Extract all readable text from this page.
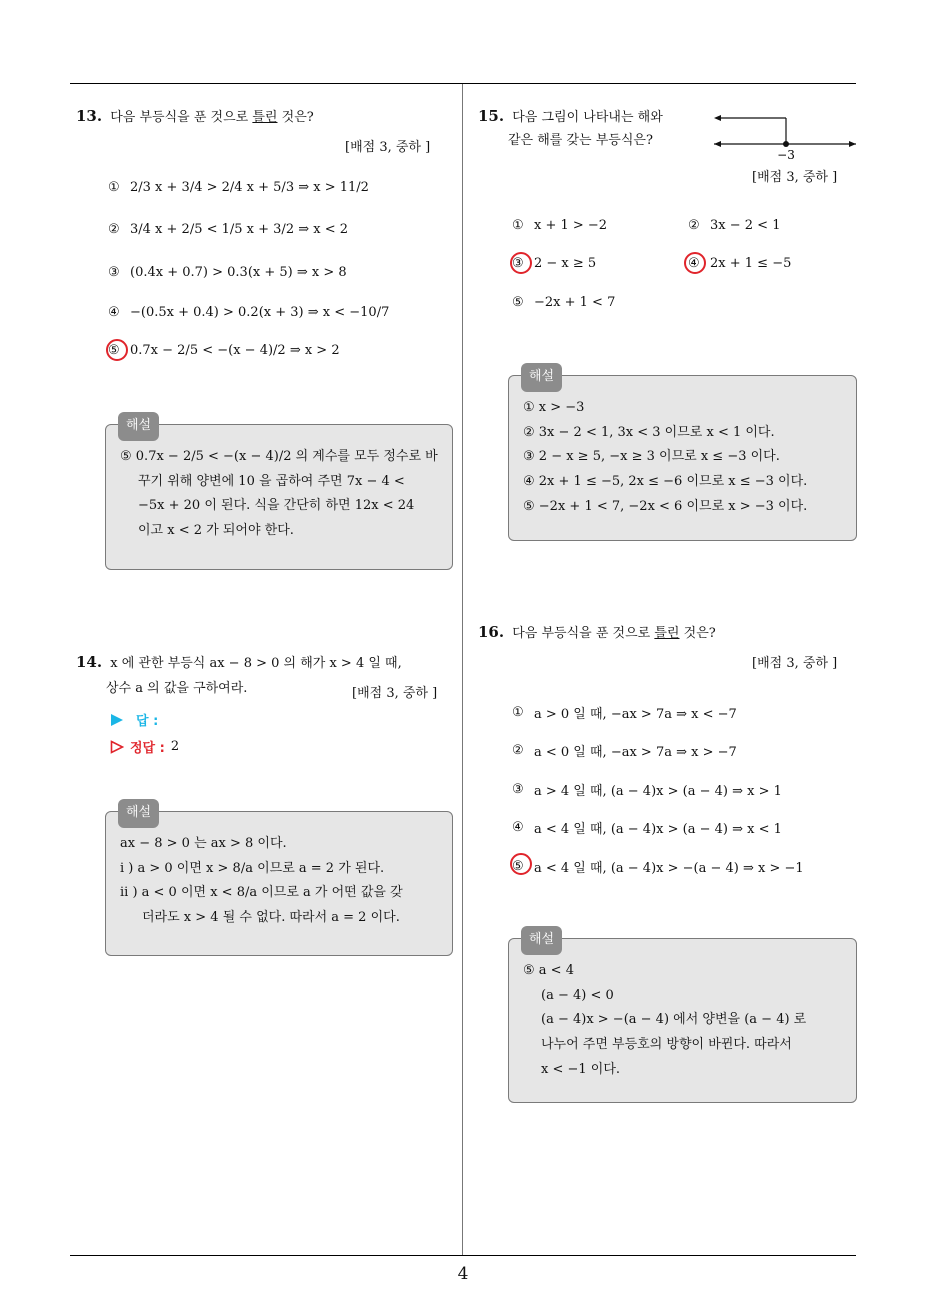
4
13. 다음 부등식을 푼 것으로 틀린 것은?
[배점 3, 중하 ]
① 2/3 x + 3/4 > 2/4 x + 5/3 ⇒ x > 11/2
② 3/4 x + 2/5 < 1/5 x + 3/2 ⇒ x < 2
③ (0.4x + 0.7) > 0.3(x + 5) ⇒ x > 8
④ −(0.5x + 0.4) > 0.2(x + 3) ⇒ x < −10/7
⑤ 0.7x − 2/5 < −(x − 4)/2 ⇒ x > 2
해설

⑤ 0.7x − 2/5 < −(x − 4)/2 의 계수를 모두 정수로 바

꾸기 위해 양변에 10 을 곱하여 주면 7x − 4 <

−5x + 20 이 된다. 식을 간단히 하면 12x < 24

이고 x < 2 가 되어야 한다.

14. x 에 관한 부등식 ax − 8 > 0 의 해가 x > 4 일 때,
상수 a 의 값을 구하여라.	[배점 3, 중하 ]
답 :
정답 : 2
해설

ax − 8 > 0 는 ax > 8 이다.

i ) a > 0 이면 x > 8/a 이므로 a = 2 가 된다.

ii ) a < 0 이면 x < 8/a 이므로 a 가 어떤 값을 갖

더라도 x > 4 될 수 없다. 따라서 a = 2 이다.

15. 다음 그림이 나타내는 해와
같은 해를 갖는 부등식은?
−3
[배점 3, 중하 ]
① x + 1 > −2	② 3x − 2 < 1
③ 2 − x ≥ 5	④ 2x + 1 ≤ −5
⑤ −2x + 1 < 7
해설

① x > −3

② 3x − 2 < 1, 3x < 3 이므로 x < 1 이다.

③ 2 − x ≥ 5, −x ≥ 3 이므로 x ≤ −3 이다.

④ 2x + 1 ≤ −5, 2x ≤ −6 이므로 x ≤ −3 이다.

⑤ −2x + 1 < 7, −2x < 6 이므로 x > −3 이다.

16. 다음 부등식을 푼 것으로 틀린 것은?
[배점 3, 중하 ]
① a > 0 일 때, −ax > 7a ⇒ x < −7
② a < 0 일 때, −ax > 7a ⇒ x > −7
③ a > 4 일 때, (a − 4)x > (a − 4) ⇒ x > 1
④ a < 4 일 때, (a − 4)x > (a − 4) ⇒ x < 1
⑤ a < 4 일 때, (a − 4)x > −(a − 4) ⇒ x > −1
해설

⑤ a < 4

(a − 4) < 0

(a − 4)x > −(a − 4) 에서 양변을 (a − 4) 로

나누어 주면 부등호의 방향이 바뀐다. 따라서

x < −1 이다.
